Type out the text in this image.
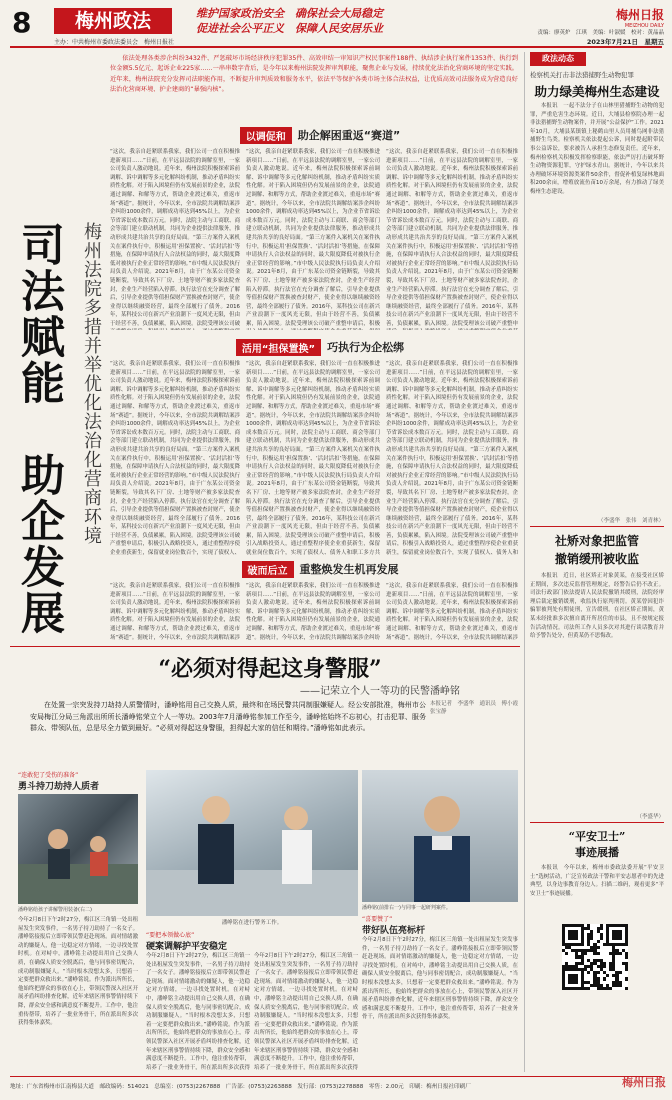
8	梅州政法	维护国家政治安全　 确保社会大局稳定
促进社会公平正义　 保障人民安居乐业
主办：中共梅州市委政法委员会　梅州日报社
梅州日报
MEIZHOU DAILY
责编：廖英炉　江琪　美编：叶淑媛　校对：黄晶晶
2023年7月21日　星期五
依法处理各类涉企纠纷3432件、严惩破坏市场经济秩序犯罪35件、高效审结一审知识产权民事案件188件、执结涉企执行案件1353件、执行到位金额5.5亿元、起诉企业225家……一串串数字背后，是今年以来梅州法院发挥审判职能，聚焦企业与发展，持续优化法治化营商环境的坚定实践。近年来，梅州法院充分发挥司法职能作用，不断提升审判质效和服务水平，依法平等保护各类市场主体合法权益，让优质高效司法服务成为营造良好法治化营商环境、护企建商的“暴强内核”。
司法赋能　助企发展 梅州法院多措并举优化法治化营商环境
以调促和	助企解困重返“赛道”
“这次，我亲自赶紧联系我家，我们公司一直在积极推进新项目……”日前，在平远县法院的调解室里，一家公司负责人激动地说。近年来，梅州法院积极探索诉前调解、诉中调解等多元化解纠纷机制，推动矛盾纠纷实质性化解。对于陷入困境但仍有发展前景的企业，法院通过调解、和解等方式，帮助企业渡过难关，重返市场“赛道”。据统计，今年以来，全市法院共调解结案涉企纠纷1000余件，调解成功率达到45%以上，为企业节省诉讼成本数百万元。同时，法院主动与工商联、商会等部门建立联动机制，共同为企业提供法律服务，推动形成共建共治共享的良好局面。“第三方案件入案机关在案件执行中，积极运用‘担保置换’、‘活封活扣’等措施，在保障申请执行人合法权益的同时，最大限度降低对被执行企业正常经营的影响。”市中级人民法院执行局负责人介绍说。2021年8月，由于广东某公司资金链断裂，导致其名下厂房、土地等财产被多家法院查封，企业生产经营陷入停滞。执行法官在充分调查了解后，引导企业提供等值担保财产置换被查封财产，使企业得以继续融资经营，最终全部履行了债务。2016年，某科技公司在新兴产业浪潮下一度风光无限，但由于经营不善，负债累累，陷入困境。法院受理该公司破
“这次，我亲自赶紧联系我家，我们公司一直在积极推进新项目……”日前，在平远县法院的调解室里，一家公司负责人激动地说。近年来，梅州法院积极探索诉前调解、诉中调解等多元化解纠纷机制，推动矛盾纠纷实质性化解。对于陷入困境但仍有发展前景的企业，法院通过调解、和解等方式，帮助企业渡过难关，重返市场“赛道”。据统计，今年以来，全市法院共调解结案涉企纠纷1000余件，调解成功率达到45%以上，为企业节省诉讼成本数百万元。同时，法院主动与工商联、商会等部门建立联动机制，共同为企业提供法律服务，推动形成共建共治共享的良好局面。“第三方案件入案机关在案件执行中，积极运用‘担保置换’、‘活封活扣’等措施，在保障申请执行人合法权益的同时，最大限度降低对被执行企业正常经营的影响。”市中级人民法院执行局负责人介绍说。2021年8月，由于广东某公司资金链断裂，导致其名下厂房、土地等财产被多家法院查封，企业生产经营陷入停滞。执行法官在充分调查了解后，引导企业提供等值担保财产置换被查封财产，使企业得以继续融资经营，最终全部履行了债务。2016年，某科技公司在新兴产业浪潮下一度风光无限，但由于经营不善，负债累累，陷入困境。法院受理该公司破产重整申请后，积极
“这次，我亲自赶紧联系我家，我们公司一直在积极推进新项目……”日前，在平远县法院的调解室里，一家公司负责人激动地说。近年来，梅州法院积极探索诉前调解、诉中调解等多元化解纠纷机制，推动矛盾纠纷实质性化解。对于陷入困境但仍有发展前景的企业，法院通过调解、和解等方式，帮助企业渡过难关，重返市场“赛道”。据统计，今年以来，全市法院共调解结案涉企纠纷1000余件，调解成功率达到45%以上，为企业节省诉讼成本数百万元。同时，法院主动与工商联、商会等部门建立联动机制，共同为企业提供法律服务，推动形成共建共治共享的良好局面。“第三方案件入案机关在案件执行中，积极运用‘担保置换’、‘活封活扣’等措施，在保障申请执行人合法权益的同时，最大限度降低对被执行企业正常经营的影响。”市中级人民法院执行局负责人介绍说。2021年8月，由于广东某公司资金链断裂，导致其名下厂房、土地等财产被多家法院查封，企业生产经营陷入停滞。执行法官在充分调查了解后，引导企业提供等值担保财产置换被查封财产，使企业得以继续融资经营，最终全部履行了债务。2016年，某科技公司在新兴产业浪潮下一度风光无限，但由于经营不善，负债累累，陷入困境。法院受理该公司破产重整申
活用“担保置换”	巧执行为企松绑
“这次，我亲自赶紧联系我家，我们公司一直在积极推进新项目……”日前，在平远县法院的调解室里，一家公司负责人激动地说。近年来，梅州法院积极探索诉前调解、诉中调解等多元化解纠纷机制，推动矛盾纠纷实质性化解。对于陷入困境但仍有发展前景的企业，法院通过调解、和解等方式，帮助企业渡过难关，重返市场“赛道”。据统计，今年以来，全市法院共调解结案涉企纠纷1000余件，调解成功率达到45%以上，为企业节省诉讼成本数百万元。同时，法院主动与工商联、商会等部门建立联动机制，共同为企业提供法律服务，推动形成共建共治共享的良好局面。“第三方案件入案机关在案件执行中，积极运用‘担保置换’、‘活封活扣’等措施，在保障申请执行人合法权益的同时，最大限度降低对被执行企业正常经营的影响。”市中级人民法院执行局负责人介绍说。2021年8月，由于广东某公司资金链断裂，导致其名下厂房、土地等财产被多家法院查封，企业生产经营陷入停滞。执行法官在充分调查了解后，引导企业提供等值担保财产置换被查封财产，使企业得以继续融资经营，最终全部履行了债务。2016年，某科技公司在新兴产业浪潮下一度风光无限，但由于经营不善，负债累累，陷入困境。法院受理该公司破产重整申请后，积极引入战略投资人，通过重整程序使企业重获新生，保留就业岗位数百个，实现了债权人、
“这次，我亲自赶紧联系我家，我们公司一直在积极推进新项目……”日前，在平远县法院的调解室里，一家公司负责人激动地说。近年来，梅州法院积极探索诉前调解、诉中调解等多元化解纠纷机制，推动矛盾纠纷实质性化解。对于陷入困境但仍有发展前景的企业，法院通过调解、和解等方式，帮助企业渡过难关，重返市场“赛道”。据统计，今年以来，全市法院共调解结案涉企纠纷1000余件，调解成功率达到45%以上，为企业节省诉讼成本数百万元。同时，法院主动与工商联、商会等部门建立联动机制，共同为企业提供法律服务，推动形成共建共治共享的良好局面。“第三方案件入案机关在案件执行中，积极运用‘担保置换’、‘活封活扣’等措施，在保障申请执行人合法权益的同时，最大限度降低对被执行企业正常经营的影响。”市中级人民法院执行局负责人介绍说。2021年8月，由于广东某公司资金链断裂，导致其名下厂房、土地等财产被多家法院查封，企业生产经营陷入停滞。执行法官在充分调查了解后，引导企业提供等值担保财产置换被查封财产，使企业得以继续融资经营，最终全部履行了债务。2016年，某科技公司在新兴产业浪潮下一度风光无限，但由于经营不善，负债累累，陷入困境。法院受理该公司破产重整申请后，积极引入战略投资人，通过重整程序使企业重获新生，保留就业岗位数百个，实现了债权人、债务人和职工多方共
“这次，我亲自赶紧联系我家，我们公司一直在积极推进新项目……”日前，在平远县法院的调解室里，一家公司负责人激动地说。近年来，梅州法院积极探索诉前调解、诉中调解等多元化解纠纷机制，推动矛盾纠纷实质性化解。对于陷入困境但仍有发展前景的企业，法院通过调解、和解等方式，帮助企业渡过难关，重返市场“赛道”。据统计，今年以来，全市法院共调解结案涉企纠纷1000余件，调解成功率达到45%以上，为企业节省诉讼成本数百万元。同时，法院主动与工商联、商会等部门建立联动机制，共同为企业提供法律服务，推动形成共建共治共享的良好局面。“第三方案件入案机关在案件执行中，积极运用‘担保置换’、‘活封活扣’等措施，在保障申请执行人合法权益的同时，最大限度降低对被执行企业正常经营的影响。”市中级人民法院执行局负责人介绍说。2021年8月，由于广东某公司资金链断裂，导致其名下厂房、土地等财产被多家法院查封，企业生产经营陷入停滞。执行法官在充分调查了解后，引导企业提供等值担保财产置换被查封财产，使企业得以继续融资经营，最终全部履行了债务。2016年，某科技公司在新兴产业浪潮下一度风光无限，但由于经营不善，负债累累，陷入困境。法院受理该公司破产重整申请后，积极引入战略投资人，通过重整程序使企业重获新生，保留就业岗位数百个，实现了债权人、债务人和
破而后立	重整焕发生机再发展
“这次，我亲自赶紧联系我家，我们公司一直在积极推进新项目……”日前，在平远县法院的调解室里，一家公司负责人激动地说。近年来，梅州法院积极探索诉前调解、诉中调解等多元化解纠纷机制，推动矛盾纠纷实质性化解。对于陷入困境但仍有发展前景的企业，法院通过调解、和解等方式，帮助企业渡过难关，重返市场“赛道”。据统计，今年以来，全市法院共调解结案涉
“这次，我亲自赶紧联系我家，我们公司一直在积极推进新项目……”日前，在平远县法院的调解室里，一家公司负责人激动地说。近年来，梅州法院积极探索诉前调解、诉中调解等多元化解纠纷机制，推动矛盾纠纷实质性化解。对于陷入困境但仍有发展前景的企业，法院通过调解、和解等方式，帮助企业渡过难关，重返市场“赛道”。据统计，今年以来，全市法院共调解结案涉企纠纷
“这次，我亲自赶紧联系我家，我们公司一直在积极推进新项目……”日前，在平远县法院的调解室里，一家公司负责人激动地说。近年来，梅州法院积极探索诉前调解、诉中调解等多元化解纠纷机制，推动矛盾纠纷实质性化解。对于陷入困境但仍有发展前景的企业，法院通过调解、和解等方式，帮助企业渡过难关，重返市场“赛道”。据统计，今年以来，全市法院共调解结案涉
“必须对得起这身警服”
——记荣立个人一等功的民警潘峥铭
本报记者　李盛华　通讯员　傅小霞　张宝静
在处置一宗突发持刀劫持人质警情时，潘峥铭用自己交换人质，最终和在场民警共同制服嫌疑人。经公安部批准，梅州市公安局梅江分局三角派出所所长潘峥铭荣立个人一等功。2003年7月潘峥铭参加工作至今，潘峥铭始终不忘初心，打击犯罪、服务群众、带领队伍，总是尽全力做到最好。“必须对得起这身警服，担得起大家的信任和期待。”潘峥铭如此表示。
“连敢犯了受伤的准备”
勇斗持刀劫持人质者
潘峥铭给孩子讲解警用装备(右二)
今年2月8日下午2时27分，梅江区三角镇一处出租屋发生突发事件，一名男子持刀劫持了一名女子。潘峥铭接报后立即带领民警赶赴现场。面对情绪激动的嫌疑人，他一边稳定对方情绪，一边寻找处置时机。在对峙中，潘峥铭主动提出用自己交换人质，在确保人质安全脱离后，他与同事密切配合，成功制服嫌疑人。“当时根本没想太多，只想着一定要把群众救出来。”潘峥铭说。作为派出所所长，他始终把群众的事放在心上，带领民警深入社区开展矛盾纠纷排查化解，近年来辖区刑事警情持续下降，群众安全感和满意度不断提升。工作中，他注重传帮带，培养了一批业务骨干，所在派出所多次获得集体嘉奖。
潘峥铭在进行警务工作。
潘峥铭(前排右一)与同事一起研判案件。
“要把本领做心底”
硬案调解护平安稳定
今年2月8日下午2时27分，梅江区三角镇一处出租屋发生突发事件，一名男子持刀劫持了一名女子。潘峥铭接报后立即带领民警赶赴现场。面对情绪激动的嫌疑人，他一边稳定对方情绪，一边寻找处置时机。在对峙中，潘峥铭主动提出用自己交换人质，在确保人质安全脱离后，他与同事密切配合，成功制服嫌疑人。“当时根本没想太多，只想着一定要把群众救出来。”潘峥铭说。作为派出所所长，他始终把群众的事放在心上，带领民警深入社区开展矛盾纠纷排查化解，近年来辖区刑事警情持续下降，群众安全感和满意度不断提升。工作中，他注重传帮带，培养了一批业务骨干，所在派出所多次获得
今年2月8日下午2时27分，梅江区三角镇一处出租屋发生突发事件，一名男子持刀劫持了一名女子。潘峥铭接报后立即带领民警赶赴现场。面对情绪激动的嫌疑人，他一边稳定对方情绪，一边寻找处置时机。在对峙中，潘峥铭主动提出用自己交换人质，在确保人质安全脱离后，他与同事密切配合，成功制服嫌疑人。“当时根本没想太多，只想着一定要把群众救出来。”潘峥铭说。作为派出所所长，他始终把群众的事放在心上，带领民警深入社区开展矛盾纠纷排查化解，近年来辖区刑事警情持续下降，群众安全感和满意度不断提升。工作中，他注重传帮带，培养了一批业务骨干，所在派出所多次获得
“喜要赞了”
带好队伍亮标杆
今年2月8日下午2时27分，梅江区三角镇一处出租屋发生突发事件，一名男子持刀劫持了一名女子。潘峥铭接报后立即带领民警赶赴现场。面对情绪激动的嫌疑人，他一边稳定对方情绪，一边寻找处置时机。在对峙中，潘峥铭主动提出用自己交换人质，在确保人质安全脱离后，他与同事密切配合，成功制服嫌疑人。“当时根本没想太多，只想着一定要把群众救出来。”潘峥铭说。作为派出所所长，他始终把群众的事放在心上，带领民警深入社区开展矛盾纠纷排查化解，近年来辖区刑事警情持续下降，群众安全感和满意度不断提升。工作中，他注重传帮带，培养了一批业务骨干，所在派出所多次获得集体嘉奖。
政法动态
检察机关打击非法猎捕野生动物犯罪
助力绿美梅州生态建设
本报讯　一起不法分子在山林里猎捕野生动物的犯罪，严重危害生态环境。近日，大埔县检察院办理一起非法猎捕野生动物案件，并开展“公益保护”工作。2021年10月，大埔县某镇镇上秘鹤山里人员用捕鸟网非法猎捕野生鸟类。检察机关依法提起公诉，同时提起附带民事公益诉讼，要求被告人承担生态修复责任。近年来，梅州检察机关积极发挥检察职能，依法严厉打击破坏野生动物资源犯罪，守护绿水青山。据统计，今年以来共办理破坏环境资源类案件50余件，督促补植复绿林地面积200余亩，增殖放流鱼苗10万余尾，有力推动了绿美梅州生态建设。
（李盛华　张伟　刘青林）
社矫对象把监管
撤销缓刑被收监
本报讯　近日，社区矫正对象黄某，在接受社区矫正期间，多次违反监督管理规定，经警告后仍不改正。司法行政部门依法提请人民法院撤销其缓刑，法院经审理后裁定撤销缓刑，收监执行原判刑罚。黄某曾因犯诈骗罪被判处有期徒刑，宣告缓刑。在社区矫正期间，黄某未经批准多次擅自离开所居住的市县，且不按规定报告活动情况。司法所工作人员多次对其进行谈话教育并给予警告处分，但黄某仍不思悔改。
（李盛华）
“平安卫士”
事迹展播
本报讯　今年以来，梅州市委政法委开展“平安卫士”选树活动，广泛宣传政法干警和平安志愿者中的先进典型，以身边事教育身边人。扫描二维码，观看更多“平安卫士”事迹展播。
地址：广东省梅州市江南梅县大道　邮政编码：514021　总编室：(0753)2267888　广告部：(0753)2263888　发行部：(0753)2278888　零售：2.00元　印刷：梅州日报社印刷厂	梅州日报
